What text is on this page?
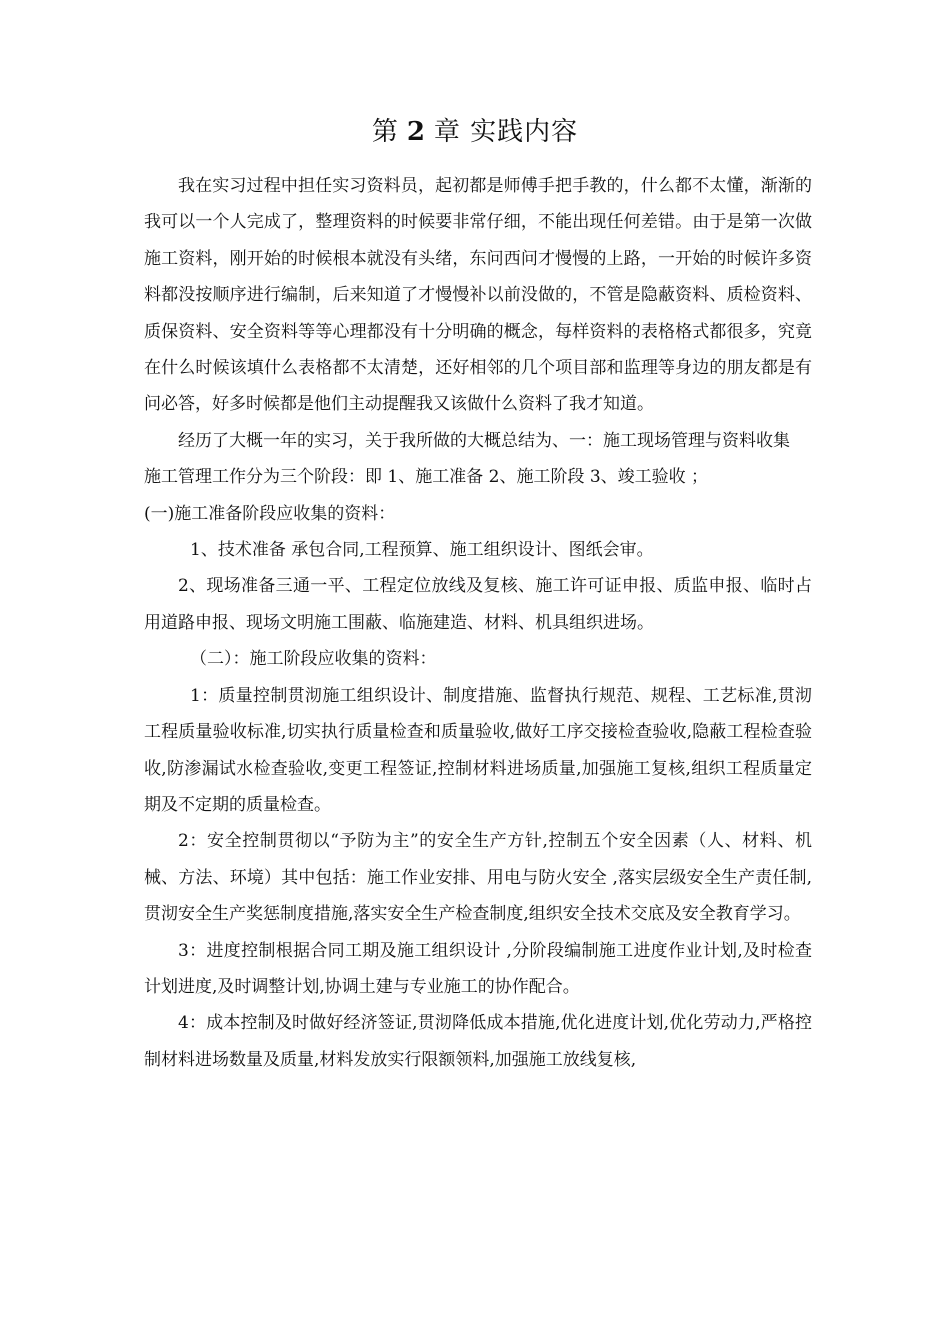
第 2 章 实践内容

我在实习过程中担任实习资料员，起初都是师傅手把手教的，什么都不太懂，渐渐的我可以一个人完成了，整理资料的时候要非常仔细，不能出现任何差错。由于是第一次做施工资料，刚开始的时候根本就没有头绪，东问西问才慢慢的上路，一开始的时候许多资料都没按顺序进行编制，后来知道了才慢慢补以前没做的，不管是隐蔽资料、质检资料、质保资料、安全资料等等心理都没有十分明确的概念，每样资料的表格格式都很多，究竟在什么时候该填什么表格都不太清楚，还好相邻的几个项目部和监理等身边的朋友都是有问必答，好多时候都是他们主动提醒我又该做什么资料了我才知道。

经历了大概一年的实习，关于我所做的大概总结为、一：施工现场管理与资料收集

施工管理工作分为三个阶段：即 1、施工准备 2、施工阶段 3、竣工验收 ；

(一)施工准备阶段应收集的资料：

1、技术准备 承包合同,工程预算、施工组织设计、图纸会审。

2、现场准备三通一平、工程定位放线及复核、施工许可证申报、质监申报、临时占用道路申报、现场文明施工围蔽、临施建造、材料、机具组织进场。

（二）：施工阶段应收集的资料：

1：质量控制贯沏施工组织设计、制度措施、监督执行规范、规程、工艺标准,贯沏工程质量验收标准,切实执行质量检查和质量验收,做好工序交接检查验收,隐蔽工程检查验收,防渗漏试水检查验收,变更工程签证,控制材料进场质量,加强施工复核,组织工程质量定期及不定期的质量检查。

2：安全控制贯彻以“予防为主”的安全生产方针,控制五个安全因素（人、材料、机械、方法、环境）其中包括：施工作业安排、用电与防火安全 ,落实层级安全生产责任制,贯沏安全生产奖惩制度措施,落实安全生产检查制度,组织安全技术交底及安全教育学习。

3：进度控制根据合同工期及施工组织设计 ,分阶段编制施工进度作业计划,及时检查计划进度,及时调整计划,协调土建与专业施工的协作配合。

4：成本控制及时做好经济签证,贯沏降低成本措施,优化进度计划,优化劳动力,严格控制材料进场数量及质量,材料发放实行限额领料,加强施工放线复核,
